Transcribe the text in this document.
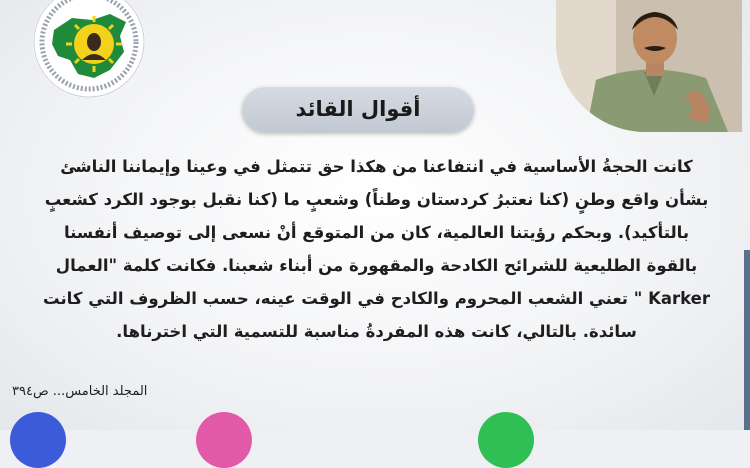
أقوال القائد
كانت الحجةُ الأساسية في انتفاعنا من هكذا حق تتمثل في وعينا وإيماننا الناشئ
بشأن واقع وطنٍ (كنا نعتبرُ كردستان وطناً) وشعبٍ ما (كنا نقبل بوجود الكرد كشعبٍ
بالتأكيد). وبحكم رؤيتنا العالمية، كان من المتوقع أنْ نسعى إلى توصيف أنفسنا
بالقوة الطليعية للشرائح الكادحة والمقهورة من أبناء شعبنا. فكانت كلمة "العمال
Karker " تعني الشعب المحروم والكادح في الوقت عينه، حسب الظروف التي كانت
سائدة. بالتالي، كانت هذه المفردةُ مناسبة للتسمية التي اخترناها.
المجلد الخامس... ص٣٩٤
